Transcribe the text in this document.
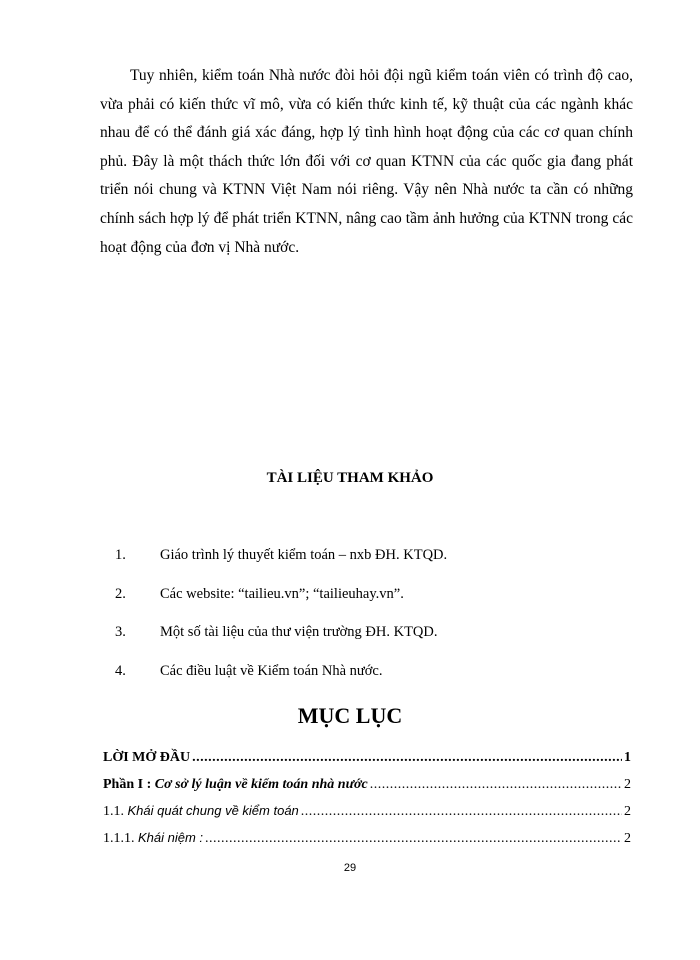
Tuy nhiên, kiểm toán Nhà nước đòi hỏi đội ngũ kiểm toán viên có trình độ cao, vừa phải có kiến thức vĩ mô, vừa có kiến thức kinh tế, kỹ thuật của các ngành khác nhau để có thể đánh giá xác đáng, hợp lý tình hình hoạt động của các cơ quan chính phủ. Đây là một thách thức lớn đối với cơ quan KTNN của các quốc gia đang phát triển nói chung và KTNN Việt Nam nói riêng. Vậy nên Nhà nước ta cần có những chính sách hợp lý để phát triển KTNN, nâng cao tầm ảnh hưởng của KTNN trong các hoạt động của đơn vị Nhà nước.

TÀI LIỆU THAM KHẢO
1.	Giáo trình lý thuyết kiểm toán – nxb ĐH. KTQD.
2.	Các website: “tailieu.vn”; “tailieuhay.vn”.
3.	Một số tài liệu của thư viện trường ĐH. KTQD.
4.	Các điều luật về Kiểm toán Nhà nước.
MỤC LỤC
LỜI MỞ ĐẦU .....	1
Phần I : Cơ sở lý luận về kiểm toán nhà nước .....	2
1.1. Khái quát chung về kiểm toán .....	2
1.1.1. Khái niệm : .....	2
29
